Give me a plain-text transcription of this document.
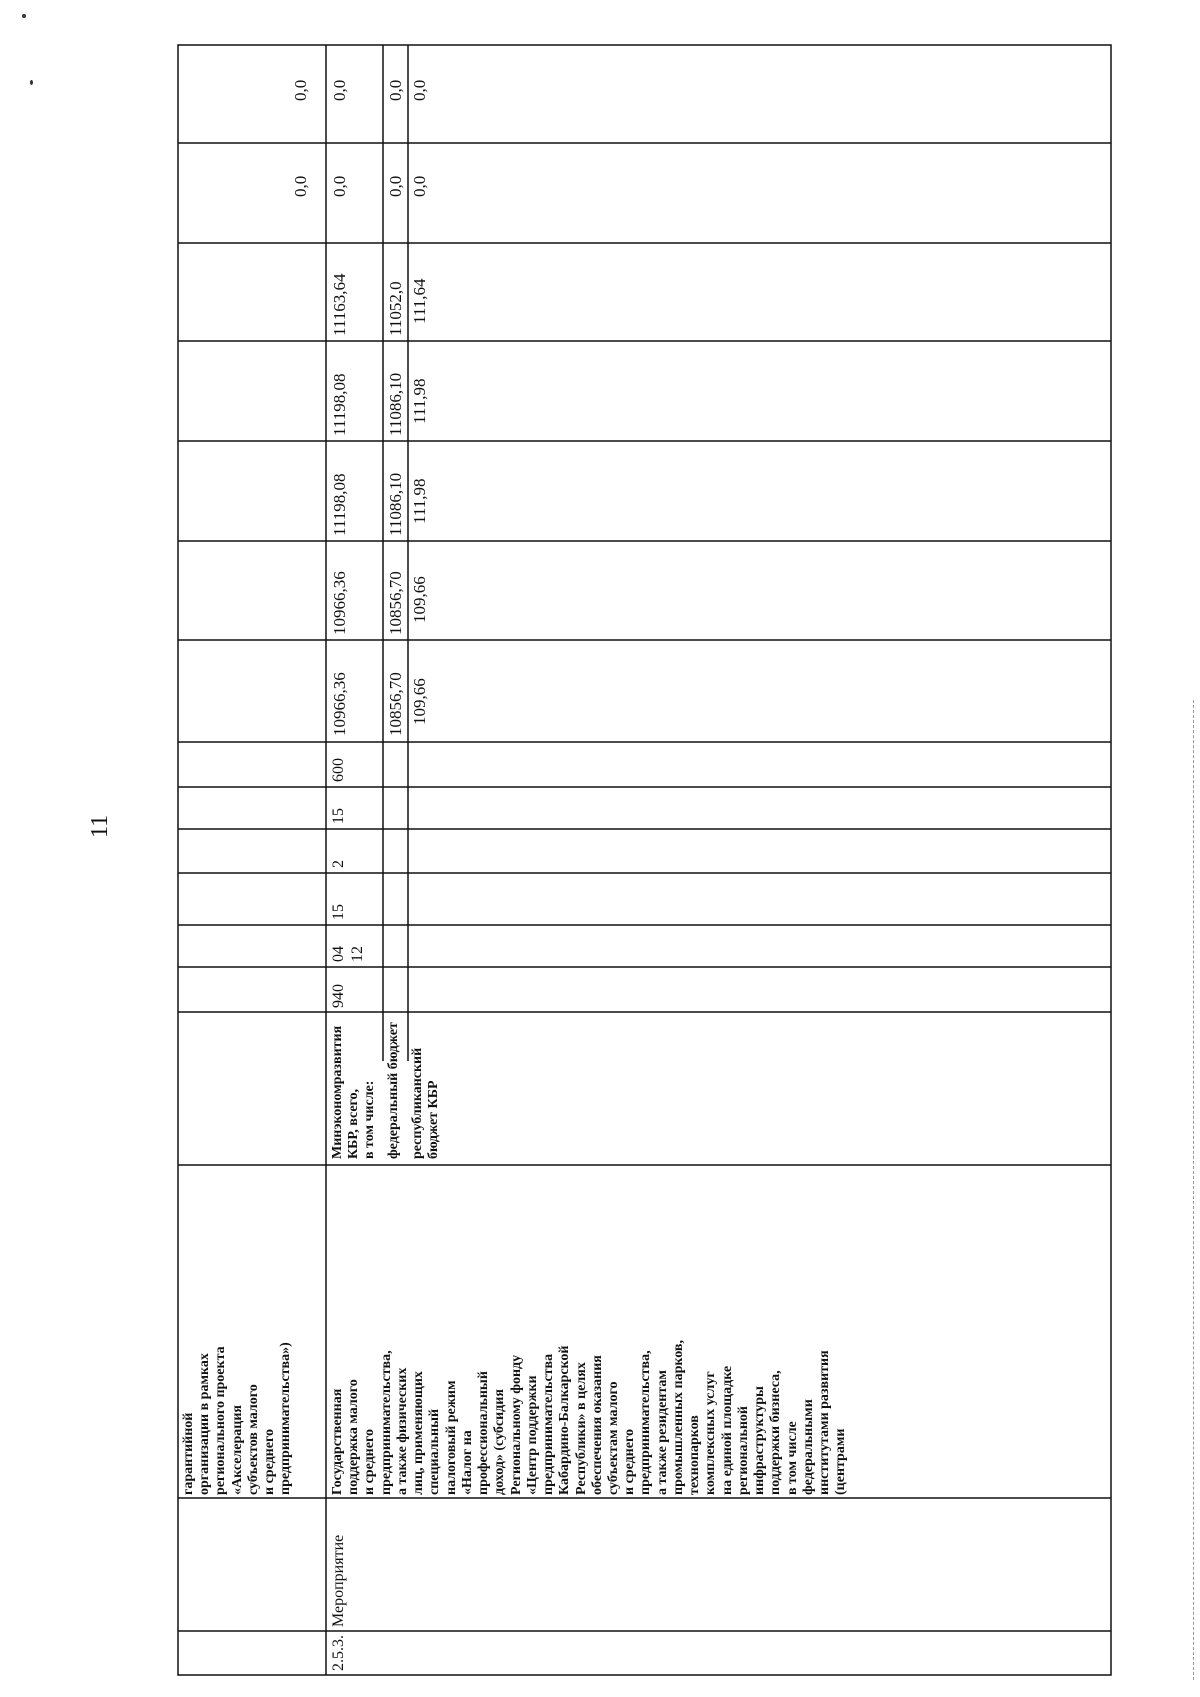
11
гарантийной организации в рамках регионального проекта «Акселерация субъектов малого и среднего предпринимательства»)
0,0
0,0
2.5.3.
Мероприятие
Государственная поддержка малого и среднего предпринимательства, а также физических лиц, применяющих специальный налоговый режим «Налог на профессиональный доход» (субсидия Региональному фонду «Центр поддержки предпринимательства Кабардино-Балкарской Республики» в целях обеспечения оказания субъектам малого и среднего предпринимательства, а также резидентам промышленных парков, технопарков комплексных услуг на единой площадке региональной инфраструктуры поддержки бизнеса, в том числе федеральными институтами развития (центрами
Минэкономразвития КБР, всего, в том числе:
940
04 12
15
2
15
600
10966,36
10966,36
11198,08
11198,08
11163,64
0,0
0,0
федеральный бюджет
10856,70
10856,70
11086,10
11086,10
11052,0
0,0
0,0
республиканский бюджет КБР
109,66
109,66
111,98
111,98
111,64
0,0
0,0
